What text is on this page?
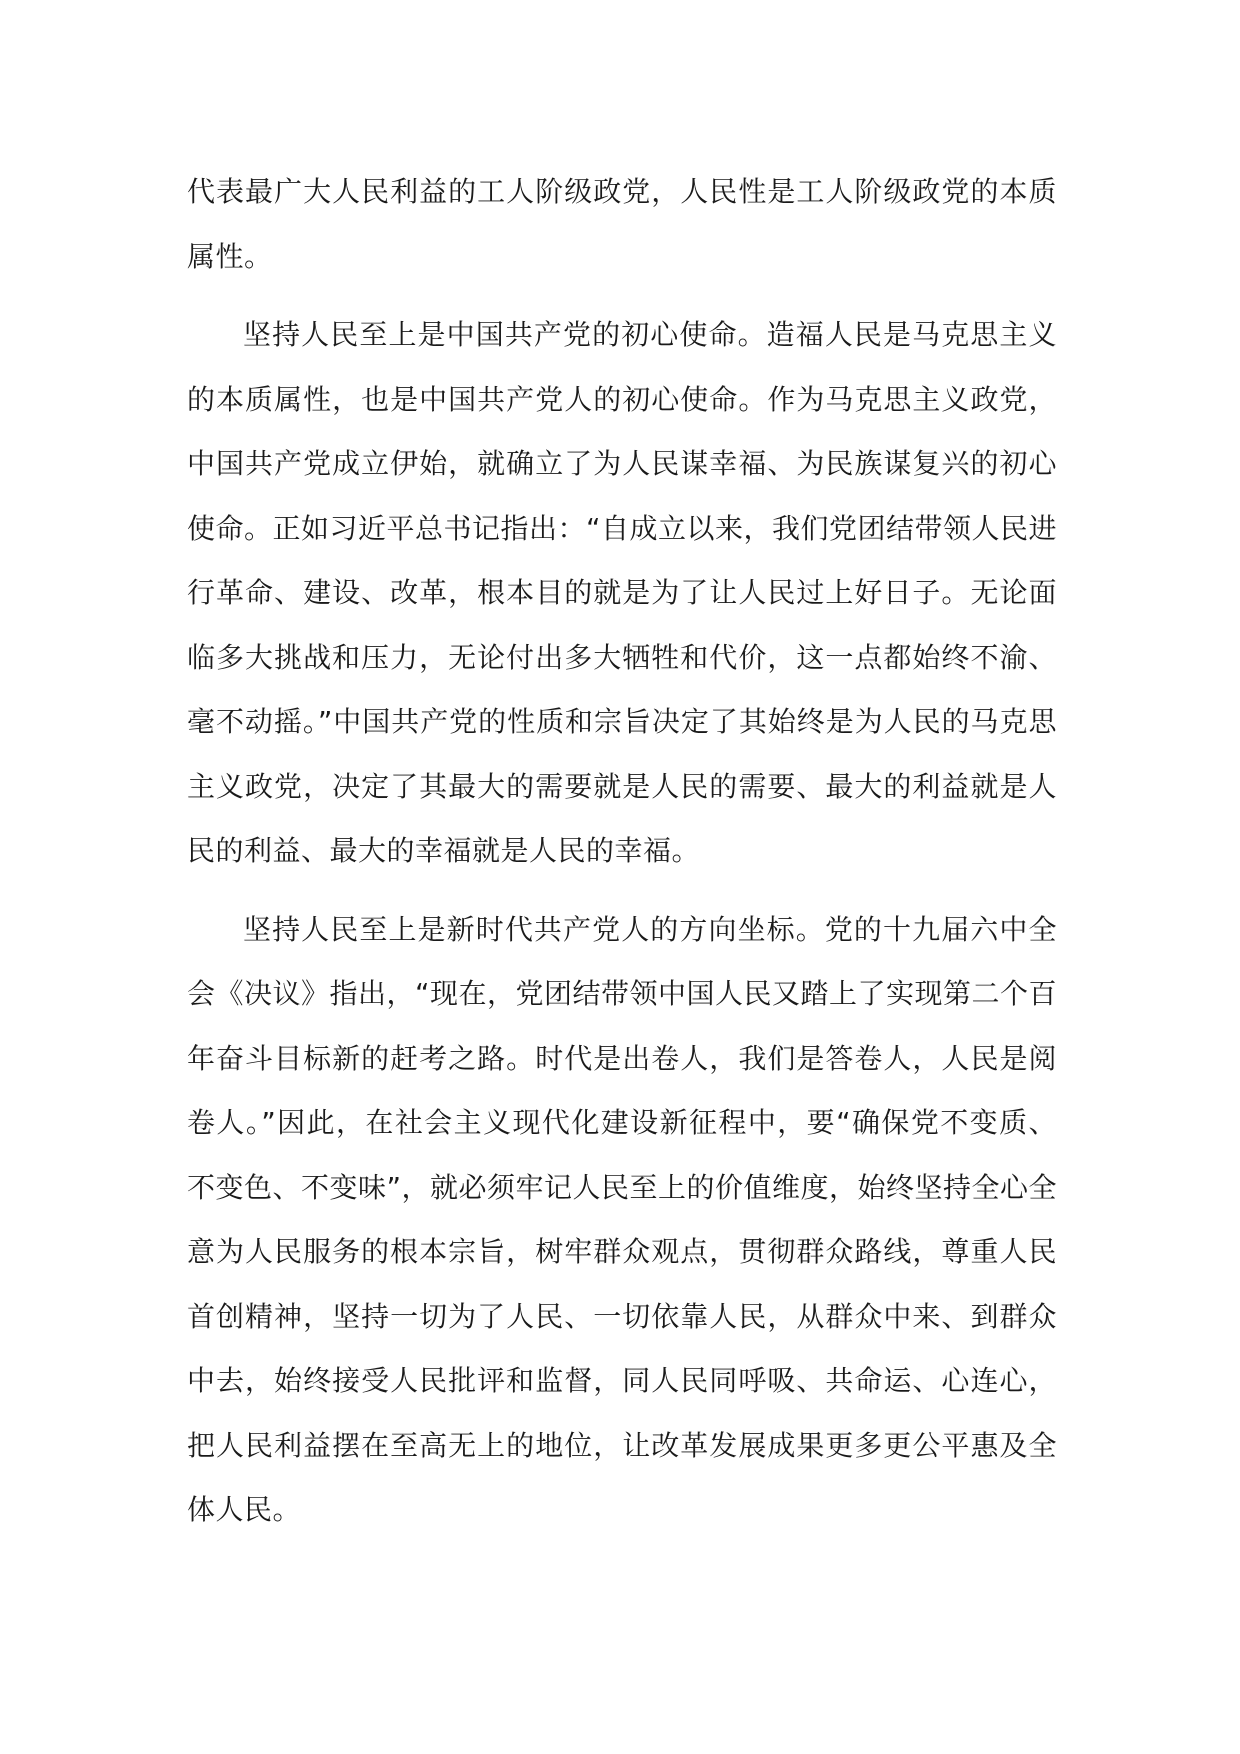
代表最广大人民利益的工人阶级政党，人民性是工人阶级政党的本质属性。

坚持人民至上是中国共产党的初心使命。造福人民是马克思主义的本质属性，也是中国共产党人的初心使命。作为马克思主义政党，中国共产党成立伊始，就确立了为人民谋幸福、为民族谋复兴的初心使命。正如习近平总书记指出：“自成立以来，我们党团结带领人民进行革命、建设、改革，根本目的就是为了让人民过上好日子。无论面临多大挑战和压力，无论付出多大牺牲和代价，这一点都始终不渝、毫不动摇。”中国共产党的性质和宗旨决定了其始终是为人民的马克思主义政党，决定了其最大的需要就是人民的需要、最大的利益就是人民的利益、最大的幸福就是人民的幸福。

坚持人民至上是新时代共产党人的方向坐标。党的十九届六中全会《决议》指出，“现在，党团结带领中国人民又踏上了实现第二个百年奋斗目标新的赶考之路。时代是出卷人，我们是答卷人，人民是阅卷人。”因此，在社会主义现代化建设新征程中，要“确保党不变质、不变色、不变味”，就必须牢记人民至上的价值维度，始终坚持全心全意为人民服务的根本宗旨，树牢群众观点，贯彻群众路线，尊重人民首创精神，坚持一切为了人民、一切依靠人民，从群众中来、到群众中去，始终接受人民批评和监督，同人民同呼吸、共命运、心连心，把人民利益摆在至高无上的地位，让改革发展成果更多更公平惠及全体人民。
